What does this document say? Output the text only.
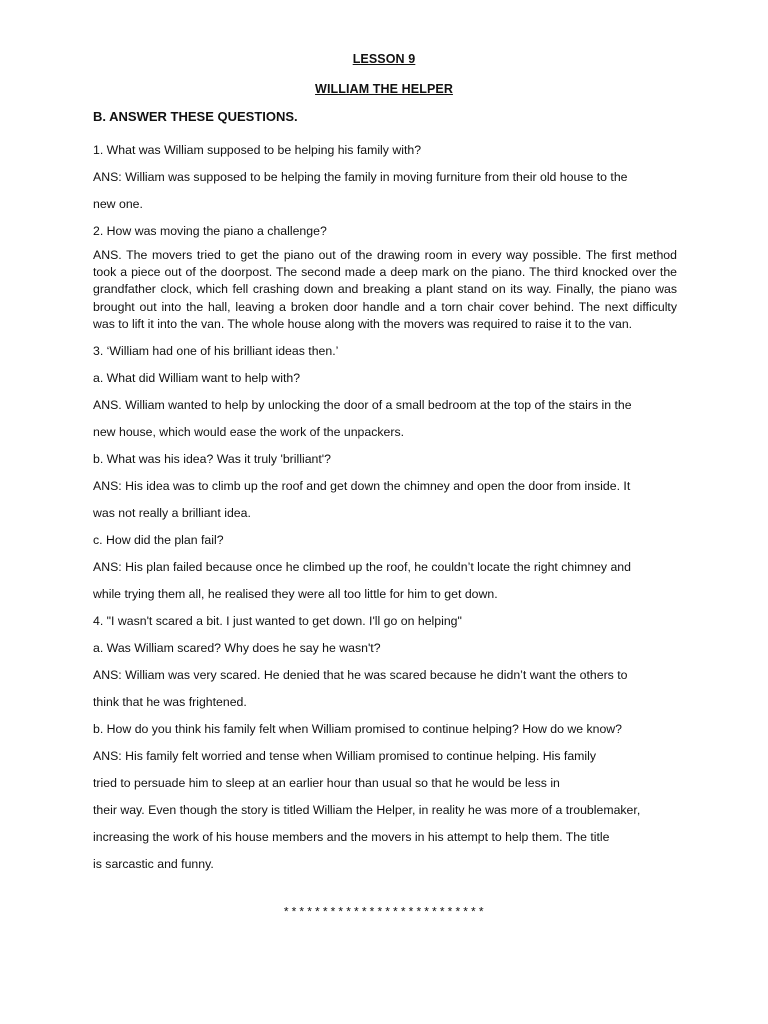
LESSON 9
WILLIAM THE HELPER
B. ANSWER THESE QUESTIONS.

1. What was William supposed to be helping his family with?

ANS: William was supposed to be helping the family in moving furniture from their old house to the

new one.

2. How was moving the piano a challenge?

ANS. The movers tried to get the piano out of the drawing room in every way possible. The first method took a piece out of the doorpost. The second made a deep mark on the piano. The third knocked over the grandfather clock, which fell crashing down and breaking a plant stand on its way. Finally, the piano was brought out into the hall, leaving a broken door handle and a torn chair cover behind. The next difficulty was to lift it into the van. The whole house along with the movers was required to raise it to the van.

3. ‘William had one of his brilliant ideas then.’

a. What did William want to help with?

ANS. William wanted to help by unlocking the door of a small bedroom at the top of the stairs in the

new house, which would ease the work of the unpackers.

b. What was his idea? Was it truly 'brilliant'?

ANS: His idea was to climb up the roof and get down the chimney and open the door from inside. It

was not really a brilliant idea.

c. How did the plan fail?

ANS: His plan failed because once he climbed up the roof, he couldn’t locate the right chimney and

while trying them all, he realised they were all too little for him to get down.

4. "I wasn't scared a bit. I just wanted to get down. I'll go on helping"

a. Was William scared? Why does he say he wasn't?

ANS: William was very scared. He denied that he was scared because he didn’t want the others to

think that he was frightened.

b. How do you think his family felt when William promised to continue helping? How do we know?

ANS: His family felt worried and tense when William promised to continue helping. His family

tried to persuade him to sleep at an earlier hour than usual so that he would be less in

their way. Even though the story is titled William the Helper, in reality he was more of a troublemaker,

increasing the work of his house members and the movers in his attempt to help them. The title

is sarcastic and funny.

**************************
